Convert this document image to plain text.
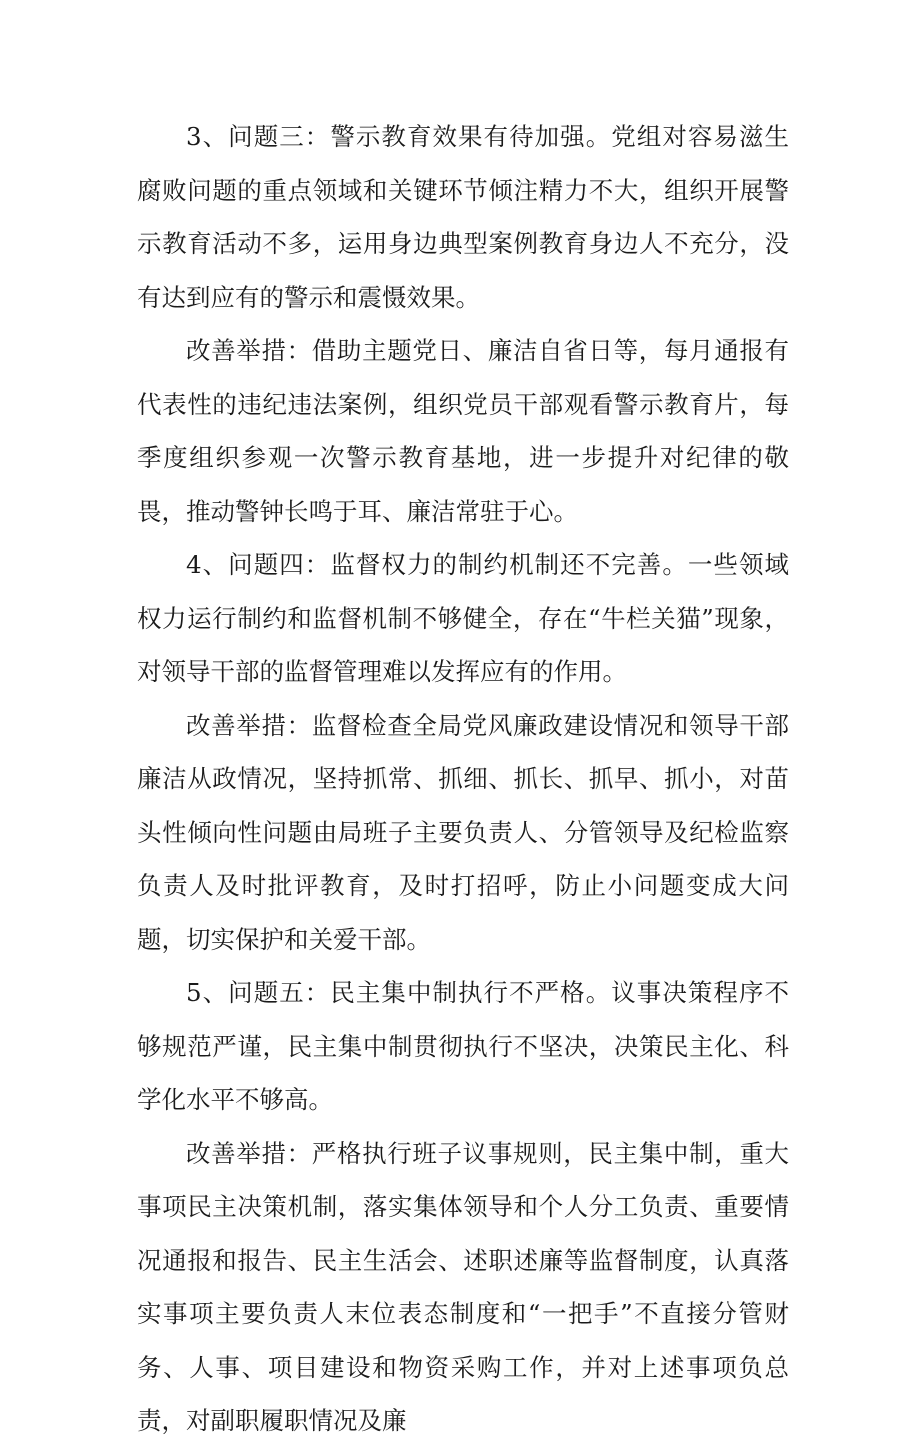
3、问题三：警示教育效果有待加强。党组对容易滋生腐败问题的重点领域和关键环节倾注精力不大，组织开展警示教育活动不多，运用身边典型案例教育身边人不充分，没有达到应有的警示和震慑效果。

改善举措：借助主题党日、廉洁自省日等，每月通报有代表性的违纪违法案例，组织党员干部观看警示教育片，每季度组织参观一次警示教育基地，进一步提升对纪律的敬畏，推动警钟长鸣于耳、廉洁常驻于心。

4、问题四：监督权力的制约机制还不完善。一些领域权力运行制约和监督机制不够健全，存在“牛栏关猫”现象，对领导干部的监督管理难以发挥应有的作用。

改善举措：监督检查全局党风廉政建设情况和领导干部廉洁从政情况，坚持抓常、抓细、抓长、抓早、抓小，对苗头性倾向性问题由局班子主要负责人、分管领导及纪检监察负责人及时批评教育，及时打招呼，防止小问题变成大问题，切实保护和关爱干部。

5、问题五：民主集中制执行不严格。议事决策程序不够规范严谨，民主集中制贯彻执行不坚决，决策民主化、科学化水平不够高。

改善举措：严格执行班子议事规则，民主集中制，重大事项民主决策机制，落实集体领导和个人分工负责、重要情况通报和报告、民主生活会、述职述廉等监督制度，认真落实事项主要负责人末位表态制度和“一把手”不直接分管财务、人事、项目建设和物资采购工作，并对上述事项负总责，对副职履职情况及廉
